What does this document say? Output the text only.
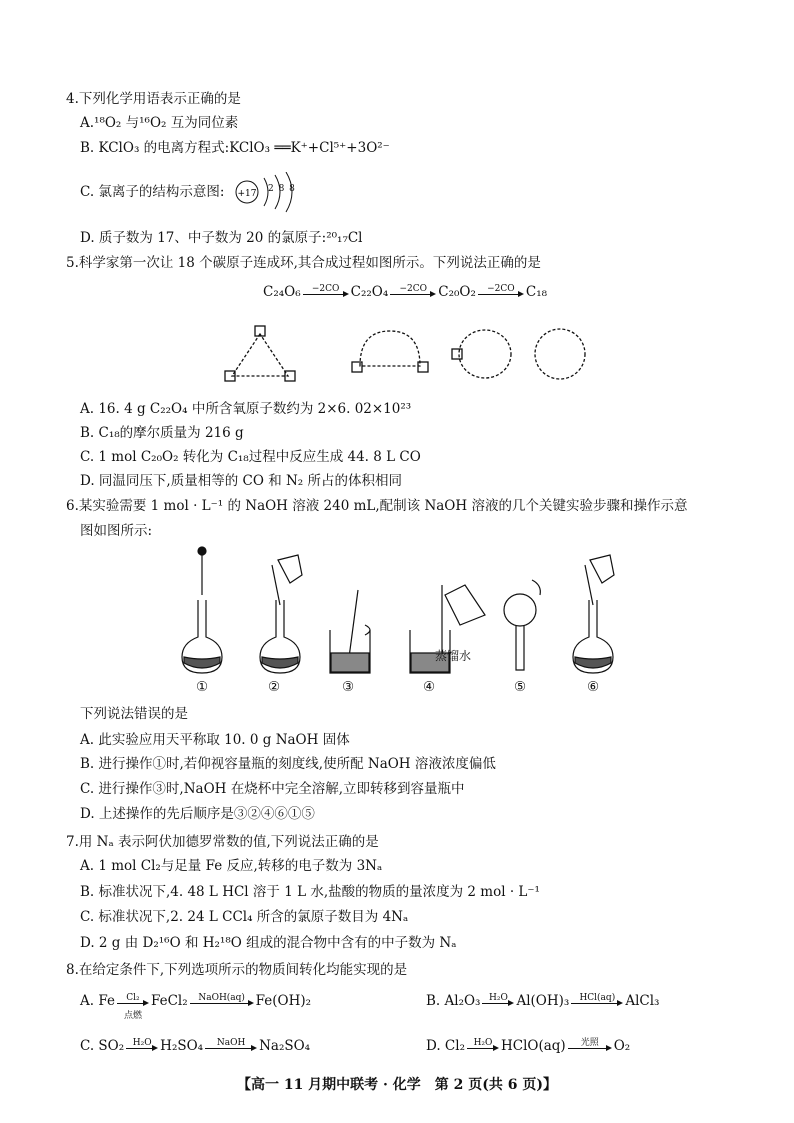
4.下列化学用语表示正确的是
A.¹⁸O₂ 与¹⁶O₂ 互为同位素
B. KClO₃ 的电离方程式:KClO₃ ══K⁺+Cl⁵⁺+3O²⁻
C. 氯离子的结构示意图: +17 2 8 8
D. 质子数为 17、中子数为 20 的氯原子:²⁰₁₇Cl
5.科学家第一次让 18 个碳原子连成环,其合成过程如图所示。下列说法正确的是
C₂₄O₆	−2CO C₂₂O₄	−2CO C₂₀O₂	−2CO C₁₈
A. 16. 4 g C₂₂O₄ 中所含氧原子数约为 2×6. 02×10²³
B. C₁₈的摩尔质量为 216 g
C. 1 mol C₂₀O₂ 转化为 C₁₈过程中反应生成 44. 8 L CO
D. 同温同压下,质量相等的 CO 和 N₂ 所占的体积相同
6.某实验需要 1 mol · L⁻¹ 的 NaOH 溶液 240 mL,配制该 NaOH 溶液的几个关键实验步骤和操作示意
图如图所示:
蒸馏水
①	②	③	④	⑤	⑥
下列说法错误的是
A. 此实验应用天平称取 10. 0 g NaOH 固体
B. 进行操作①时,若仰视容量瓶的刻度线,使所配 NaOH 溶液浓度偏低
C. 进行操作③时,NaOH 在烧杯中完全溶解,立即转移到容量瓶中
D. 上述操作的先后顺序是③②④⑥①⑤
7.用 Nₐ 表示阿伏加德罗常数的值,下列说法正确的是
A. 1 mol Cl₂与足量 Fe 反应,转移的电子数为 3Nₐ
B. 标准状况下,4. 48 L HCl 溶于 1 L 水,盐酸的物质的量浓度为 2 mol · L⁻¹
C. 标准状况下,2. 24 L CCl₄ 所含的氯原子数目为 4Nₐ
D. 2 g 由 D₂¹⁶O 和 H₂¹⁸O 组成的混合物中含有的中子数为 Nₐ
8.在给定条件下,下列选项所示的物质间转化均能实现的是
A. Fe	Cl₂
点燃
FeCl₂	NaOH(aq) Fe(OH)₂	B. Al₂O₃ H₂O Al(OH)₃	HCl(aq) AlCl₃
C. SO₂ H₂O H₂SO₄	NaOH	Na₂SO₄	D. Cl₂ H₂O HClO(aq)	光照	O₂
【高一 11 月期中联考 · 化学　第 2 页(共 6 页)】
